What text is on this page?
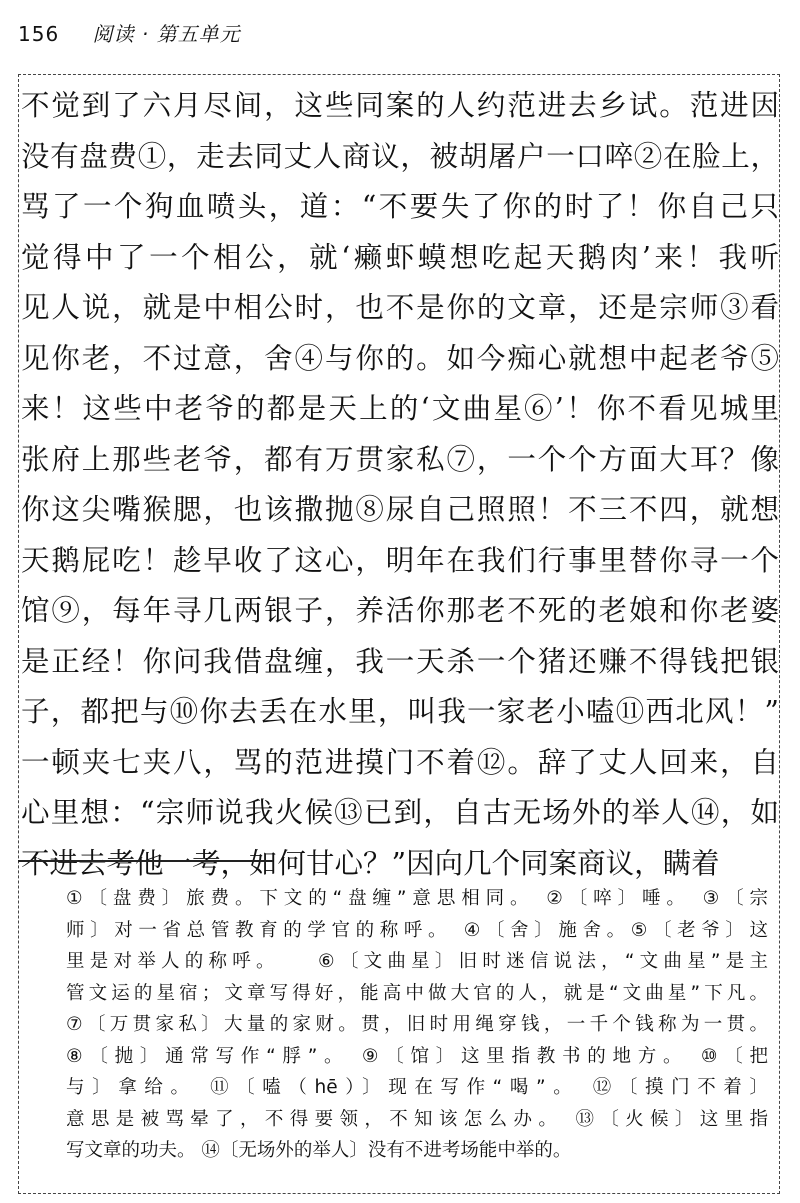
156 阅读 · 第五单元
不觉到了六月尽间，这些同案的人约范进去乡试。范进因
没有盘费①，走去同丈人商议，被胡屠户一口啐②在脸上，
骂了一个狗血喷头，道：“不要失了你的时了！你自己只
觉得中了一个相公，就‘癞虾蟆想吃起天鹅肉’来！我听
见人说，就是中相公时，也不是你的文章，还是宗师③看
见你老，不过意，舍④与你的。如今痴心就想中起老爷⑤
来！这些中老爷的都是天上的‘文曲星⑥’！你不看见城里
张府上那些老爷，都有万贯家私⑦，一个个方面大耳？像
你这尖嘴猴腮，也该撒抛⑧尿自己照照！不三不四，就想
天鹅屁吃！趁早收了这心，明年在我们行事里替你寻一个
馆⑨，每年寻几两银子，养活你那老不死的老娘和你老婆
是正经！你问我借盘缠，我一天杀一个猪还赚不得钱把银
子，都把与⑩你去丢在水里，叫我一家老小嗑⑪西北风！”
一顿夹七夹八，骂的范进摸门不着⑫。辞了丈人回来，自
心里想：“宗师说我火候⑬已到，自古无场外的举人⑭，如
不进去考他一考，如何甘心？”因向几个同案商议，瞒着
①〔盘费〕旅费。下文的“盘缠”意思相同。 ②〔啐〕唾。 ③〔宗
师〕对一省总管教育的学官的称呼。 ④〔舍〕施舍。⑤〔老爷〕这
里是对举人的称呼。　　⑥〔文曲星〕旧时迷信说法，“文曲星”是主
管文运的星宿；文章写得好，能高中做大官的人，就是“文曲星”下凡。
⑦〔万贯家私〕大量的家财。贯，旧时用绳穿钱，一千个钱称为一贯。
⑧〔抛〕通常写作“脬”。 ⑨〔馆〕这里指教书的地方。 ⑩〔把
与〕拿给。 ⑪〔嗑（hē）〕现在写作“喝”。 ⑫〔摸门不着〕
意思是被骂晕了，不得要领，不知该怎么办。 ⑬〔火候〕这里指
写文章的功夫。 ⑭〔无场外的举人〕没有不进考场能中举的。
